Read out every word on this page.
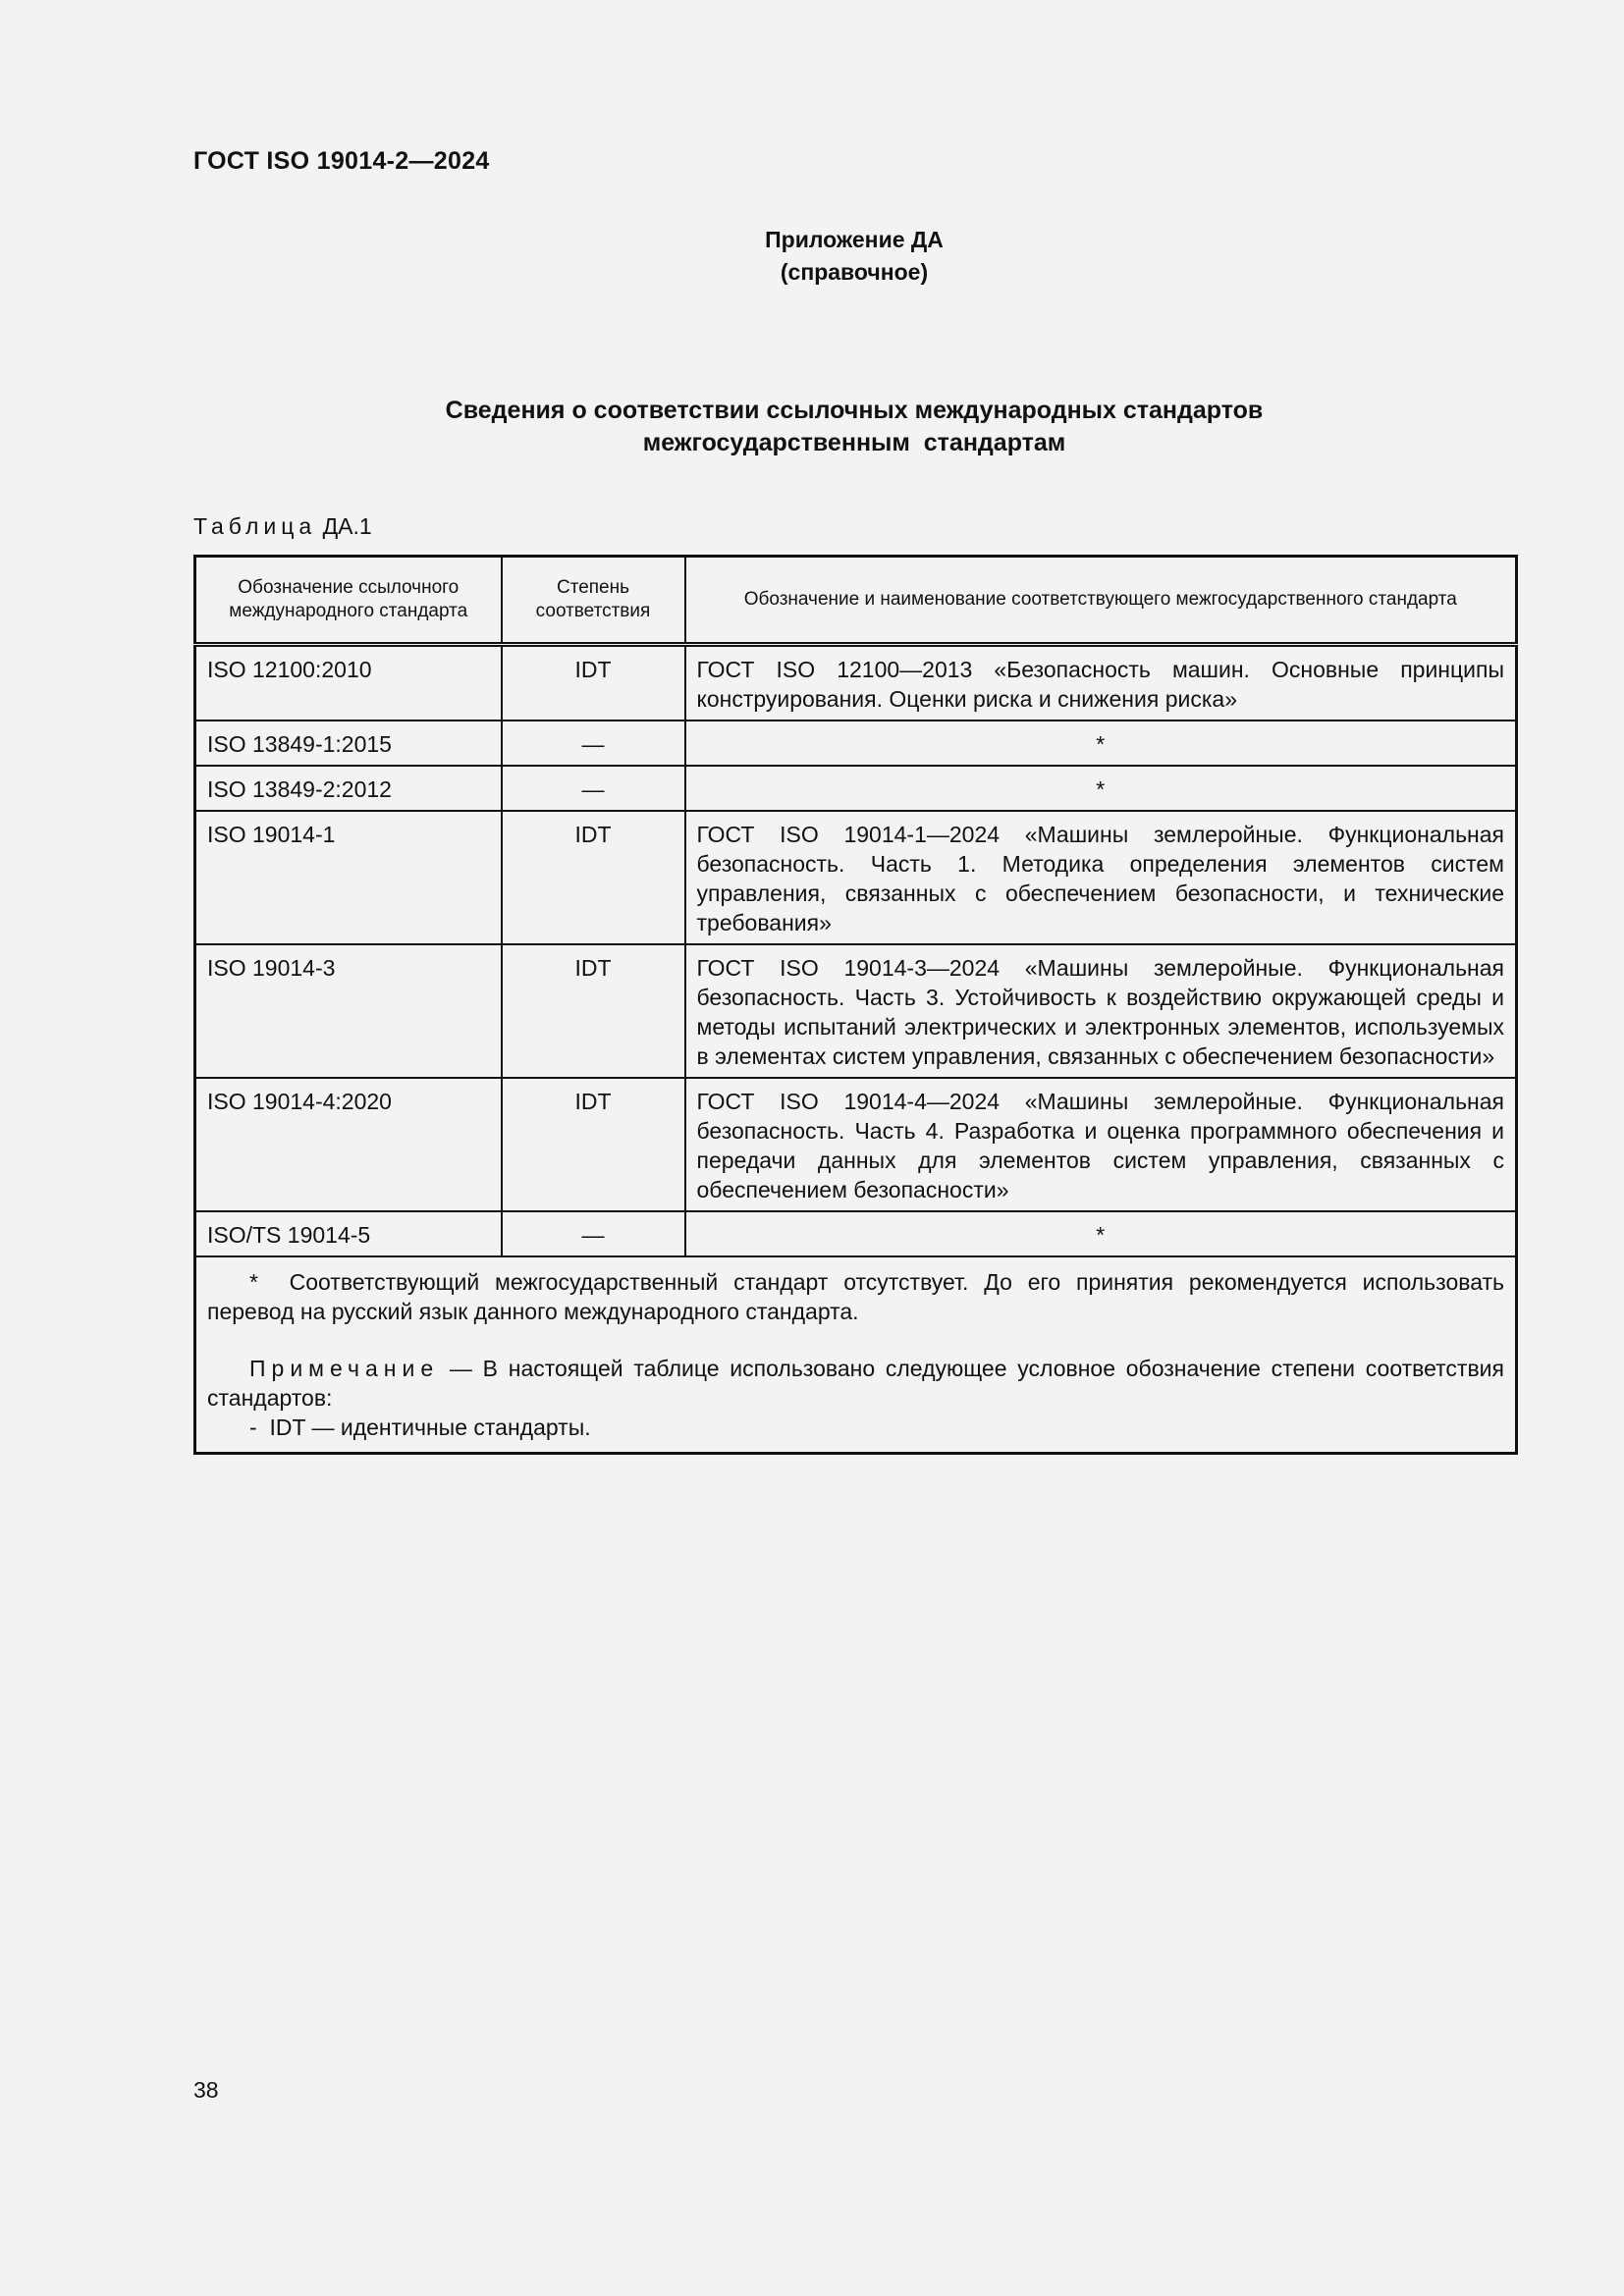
ГОСТ ISO 19014-2—2024
Приложение ДА
(справочное)
Сведения о соответствии ссылочных международных стандартов
межгосударственным  стандартам
Таблица ДА.1
Обозначение ссылочного международного стандарта	Степень соответствия	Обозначение и наименование соответствующего межгосударственного стандарта
ISO 12100:2010	IDT	ГОСТ ISO 12100—2013 «Безопасность машин. Основные принципы конструирования. Оценки риска и снижения риска»
ISO 13849-1:2015	—	*
ISO 13849-2:2012	—	*
ISO 19014-1	IDT	ГОСТ ISO 19014-1—2024 «Машины землеройные. Функциональная безопасность. Часть 1. Методика определения элементов систем управления, связанных с обеспечением безопасности, и технические требования»
ISO 19014-3	IDT	ГОСТ ISO 19014-3—2024 «Машины землеройные. Функциональная безопасность. Часть 3. Устойчивость к воздействию окружающей среды и методы испытаний электрических и электронных элементов, используемых в элементах систем управления, связанных с обеспечением безопасности»
ISO 19014-4:2020	IDT	ГОСТ ISO 19014-4—2024 «Машины землеройные. Функциональная безопасность. Часть 4. Разработка и оценка программного обеспечения и передачи данных для элементов систем управления, связанных с обеспечением безопасности»
ISO/TS 19014-5	—	*

*  Соответствующий межгосударственный стандарт отсутствует. До его принятия рекомендуется использовать перевод на русский язык данного международного стандарта.

Примечание — В настоящей таблице использовано следующее условное обозначение степени соответствия стандартов:

-  IDT — идентичные стандарты.		

38
